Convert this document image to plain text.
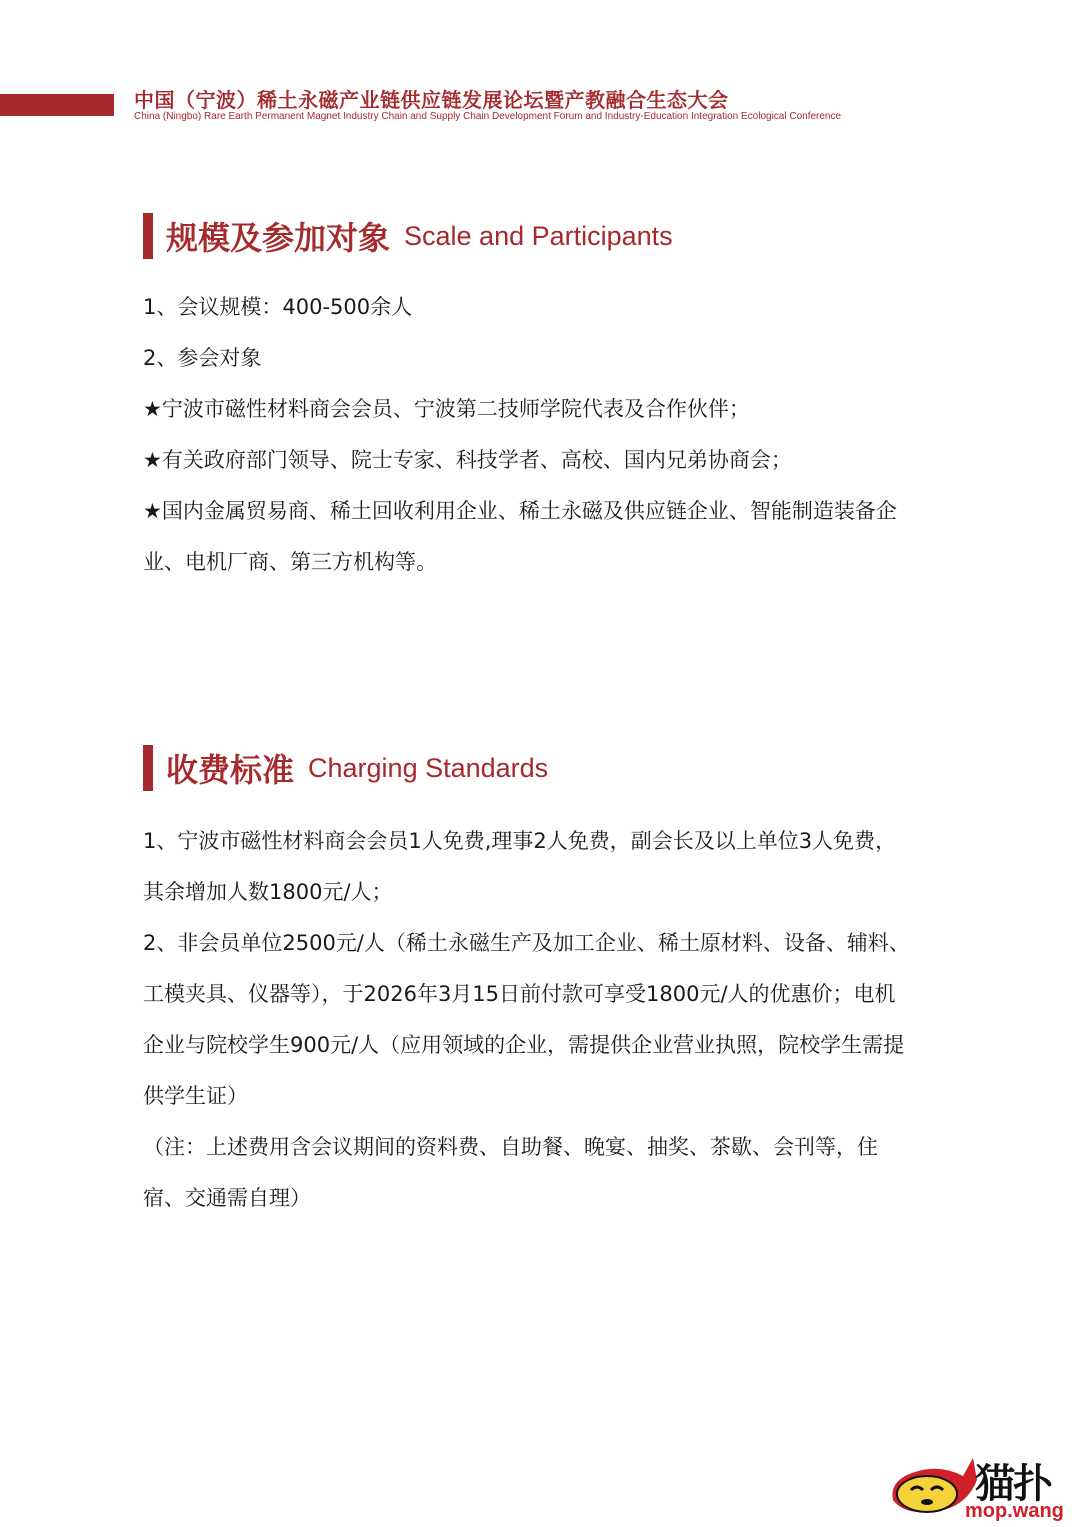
中国（宁波）稀土永磁产业链供应链发展论坛暨产教融合生态大会
China (Ningbo) Rare Earth Permanent Magnet Industry Chain and Supply Chain Development Forum and Industry-Education Integration Ecological Conference
规模及参加对象 Scale and Participants
1、会议规模：400-500余人
2、参会对象
★宁波市磁性材料商会会员、宁波第二技师学院代表及合作伙伴；
★有关政府部门领导、院士专家、科技学者、高校、国内兄弟协商会；
★国内金属贸易商、稀土回收利用企业、稀土永磁及供应链企业、智能制造装备企
业、电机厂商、第三方机构等。
收费标准 Charging Standards
1、宁波市磁性材料商会会员1人免费,理事2人免费，副会长及以上单位3人免费，
其余增加人数1800元/人；
2、非会员单位2500元/人（稀土永磁生产及加工企业、稀土原材料、设备、辅料、
工模夹具、仪器等），于2026年3月15日前付款可享受1800元/人的优惠价；电机
企业与院校学生900元/人（应用领域的企业，需提供企业营业执照，院校学生需提
供学生证）
（注：上述费用含会议期间的资料费、自助餐、晚宴、抽奖、茶歇、会刊等，住
宿、交通需自理）
猫扑
mop.wang
